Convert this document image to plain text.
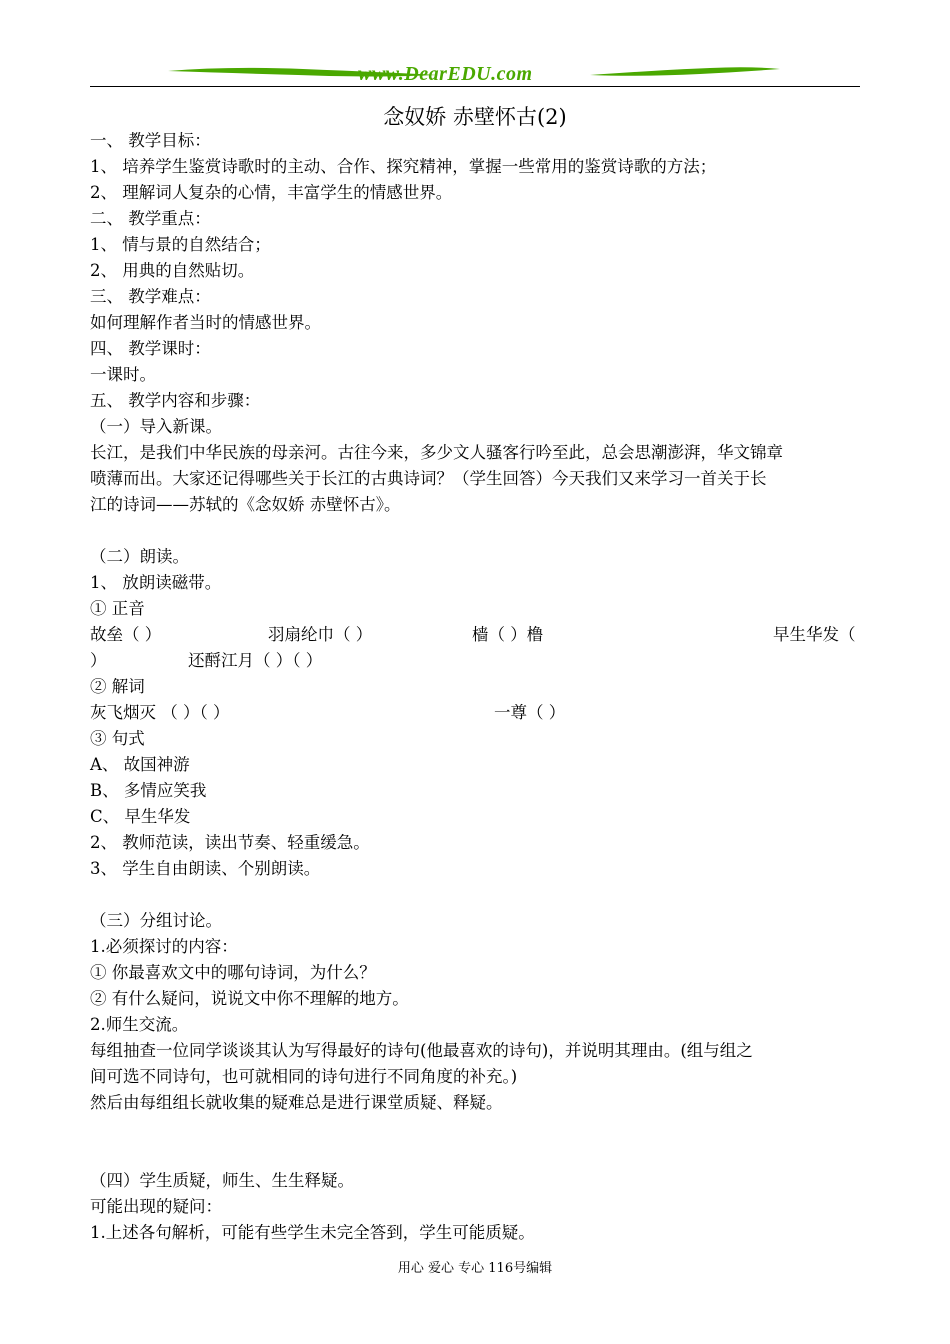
www.DearEDU.com
念奴娇 赤壁怀古(2)
一、 教学目标：
1、 培养学生鉴赏诗歌时的主动、合作、探究精神，掌握一些常用的鉴赏诗歌的方法；
2、 理解词人复杂的心情，丰富学生的情感世界。
二、 教学重点：
1、 情与景的自然结合；
2、 用典的自然贴切。
三、 教学难点：
如何理解作者当时的情感世界。
四、 教学课时：
一课时。
五、 教学内容和步骤：
（一）导入新课。
长江，是我们中华民族的母亲河。古往今来，多少文人骚客行吟至此，总会思潮澎湃，华文锦章
喷薄而出。大家还记得哪些关于长江的古典诗词？（学生回答）今天我们又来学习一首关于长
江的诗词——苏轼的《念奴娇 赤壁怀古》。
（二）朗读。
1、 放朗读磁带。
① 正音
故垒（ ）	羽扇纶巾（ ）	樯（ ）橹	早生华发（
）	还酹江月（ ）（ ）
② 解词
灰飞烟灭 （ ）（ ）	一尊（ ）
③ 句式
A、 故国神游
B、 多情应笑我
C、 早生华发
2、 教师范读，读出节奏、轻重缓急。
3、 学生自由朗读、个别朗读。
（三）分组讨论。
1.必须探讨的内容：
① 你最喜欢文中的哪句诗词，为什么？
② 有什么疑问，说说文中你不理解的地方。
2.师生交流。
每组抽查一位同学谈谈其认为写得最好的诗句(他最喜欢的诗句)，并说明其理由。(组与组之
间可选不同诗句，也可就相同的诗句进行不同角度的补充。)
然后由每组组长就收集的疑难总是进行课堂质疑、释疑。
（四）学生质疑，师生、生生释疑。
可能出现的疑问：
1.上述各句解析，可能有些学生未完全答到，学生可能质疑。
用心 爱心 专心 116号编辑
